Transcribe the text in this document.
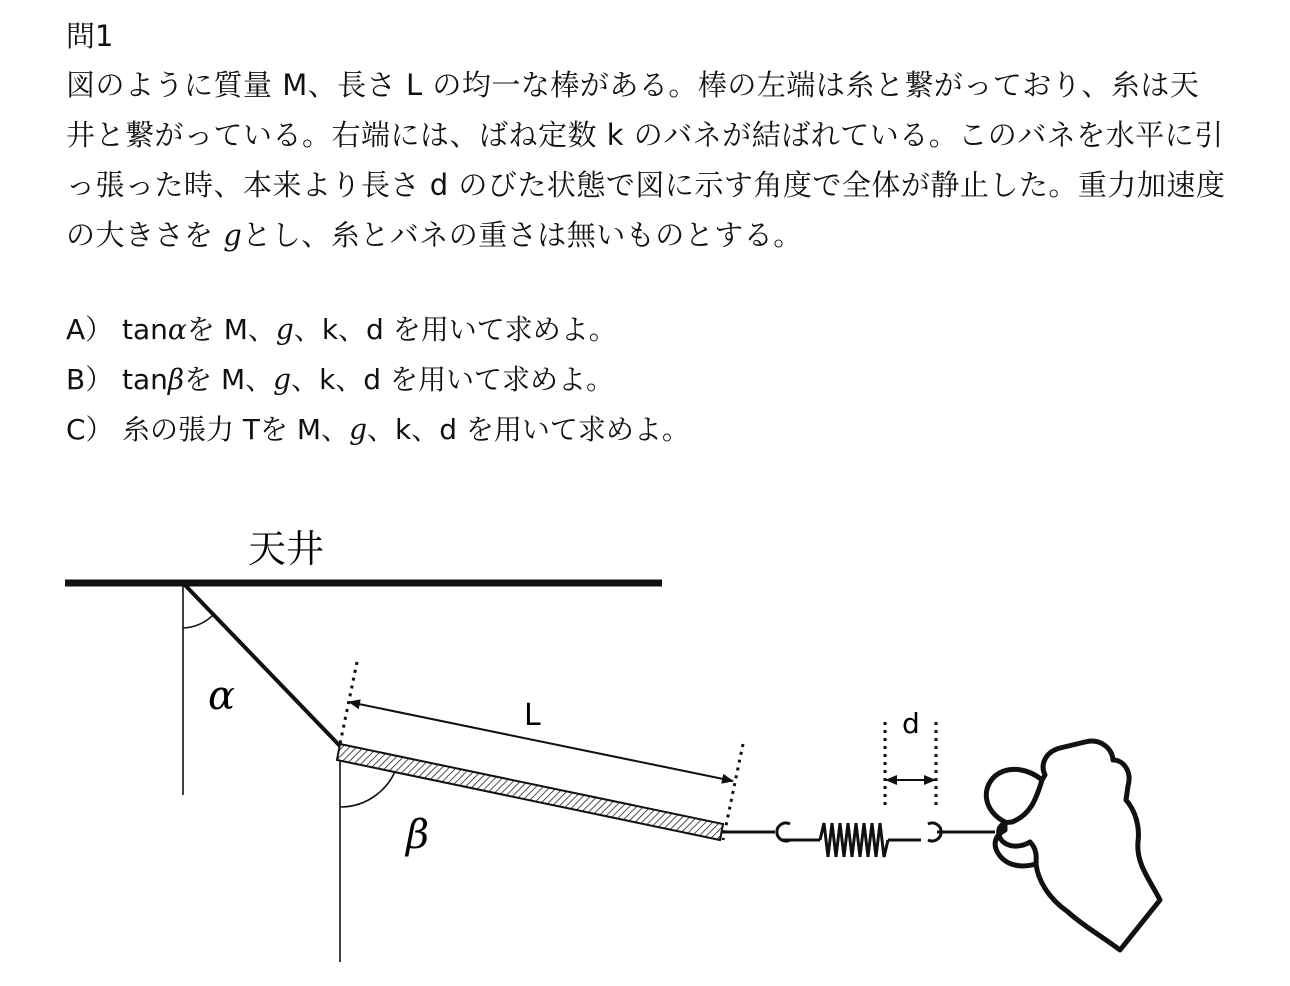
問1
図のように質量 M、長さ L の均一な棒がある。棒の左端は糸と繋がっており、糸は天井と繋がっている。右端には、ばね定数 k のバネが結ばれている。このバネを水平に引っ張った時、本来より長さ d のびた状態で図に示す角度で全体が静止した。重力加速度の大きさを gとし、糸とバネの重さは無いものとする。
A） tan α を M、 g 、k、d を用いて求めよ。
B） tan β を M、 g 、k、d を用いて求めよ。
C） 糸の張力 T を M、 g 、k、d を用いて求めよ。
天井
α
β
L	d
